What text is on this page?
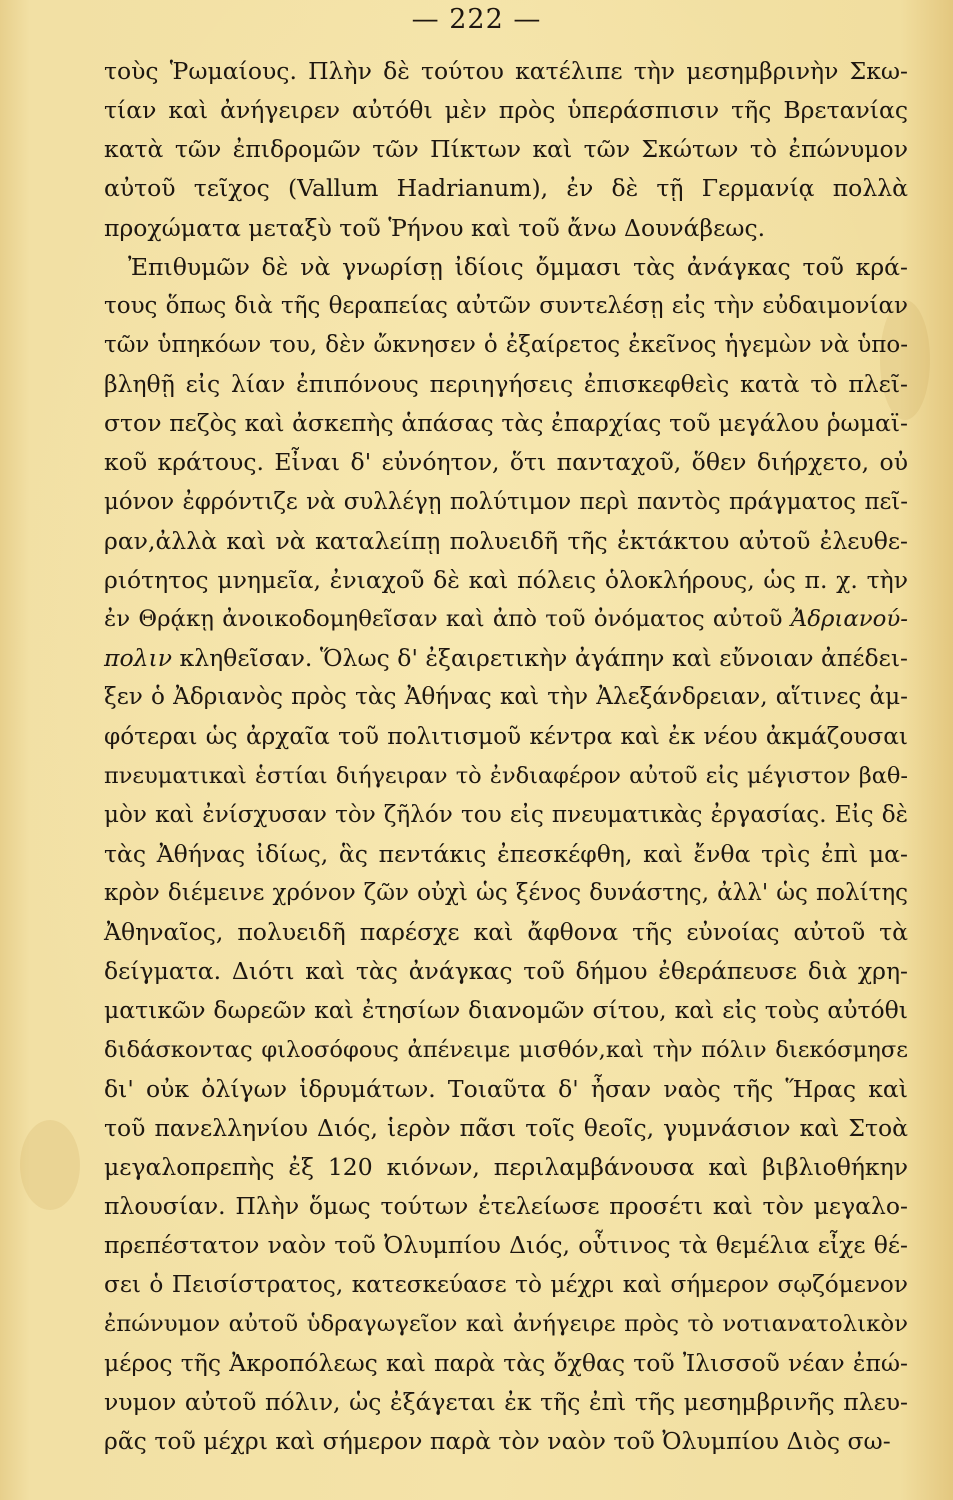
— 222 —
τοὺς Ῥωμαίους. Πλὴν δὲ τούτου κατέλιπε τὴν μεσημβρινὴν Σκω-
τίαν καὶ ἀνήγειρεν αὐτόθι μὲν πρὸς ὑπεράσπισιν τῆς Βρετανίας
κατὰ τῶν ἐπιδρομῶν τῶν Πίκτων καὶ τῶν Σκώτων τὸ ἐπώνυμον
αὐτοῦ τεῖχος (Vallum Hadrianum), ἐν δὲ τῇ Γερμανίᾳ πολλὰ
προχώματα μεταξὺ τοῦ Ῥήνου καὶ τοῦ ἄνω Δουνάβεως.
Ἐπιθυμῶν δὲ νὰ γνωρίσῃ ἰδίοις ὄμμασι τὰς ἀνάγκας τοῦ κρά-
τους ὅπως διὰ τῆς θεραπείας αὐτῶν συντελέσῃ εἰς τὴν εὐδαιμονίαν
τῶν ὑπηκόων του, δὲν ὤκνησεν ὁ ἐξαίρετος ἐκεῖνος ἡγεμὼν νὰ ὑπο-
βληθῇ εἰς λίαν ἐπιπόνους περιηγήσεις ἐπισκεφθεὶς κατὰ τὸ πλεῖ-
στον πεζὸς καὶ ἀσκεπὴς ἁπάσας τὰς ἐπαρχίας τοῦ μεγάλου ῥωμαϊ-
κοῦ κράτους. Εἶναι δ' εὐνόητον, ὅτι πανταχοῦ, ὅθεν διήρχετο, οὐ
μόνον ἐφρόντιζε νὰ συλλέγῃ πολύτιμον περὶ παντὸς πράγματος πεῖ-
ραν,ἀλλὰ καὶ νὰ καταλείπῃ πολυειδῆ τῆς ἐκτάκτου αὐτοῦ ἐλευθε-
ριότητος μνημεῖα, ἐνιαχοῦ δὲ καὶ πόλεις ὁλοκλήρους, ὡς π. χ. τὴν
ἐν Θρᾴκῃ ἀνοικοδομηθεῖσαν καὶ ἀπὸ τοῦ ὀνόματος αὐτοῦ Ἀδριανού-
πολιν κληθεῖσαν. Ὅλως δ' ἐξαιρετικὴν ἀγάπην καὶ εὔνοιαν ἀπέδει-
ξεν ὁ Ἀδριανὸς πρὸς τὰς Ἀθήνας καὶ τὴν Ἀλεξάνδρειαν, αἵτινες ἀμ-
φότεραι ὡς ἀρχαῖα τοῦ πολιτισμοῦ κέντρα καὶ ἐκ νέου ἀκμάζουσαι
πνευματικαὶ ἑστίαι διήγειραν τὸ ἐνδιαφέρον αὐτοῦ εἰς μέγιστον βαθ-
μὸν καὶ ἐνίσχυσαν τὸν ζῆλόν του εἰς πνευματικὰς ἐργασίας. Εἰς δὲ
τὰς Ἀθήνας ἰδίως, ἃς πεντάκις ἐπεσκέφθη, καὶ ἔνθα τρὶς ἐπὶ μα-
κρὸν διέμεινε χρόνον ζῶν οὐχὶ ὡς ξένος δυνάστης, ἀλλ' ὡς πολίτης
Ἀθηναῖος, πολυειδῆ παρέσχε καὶ ἄφθονα τῆς εὐνοίας αὐτοῦ τὰ
δείγματα. Διότι καὶ τὰς ἀνάγκας τοῦ δήμου ἐθεράπευσε διὰ χρη-
ματικῶν δωρεῶν καὶ ἐτησίων διανομῶν σίτου, καὶ εἰς τοὺς αὐτόθι
διδάσκοντας φιλοσόφους ἀπένειμε μισθόν,καὶ τὴν πόλιν διεκόσμησε
δι' οὐκ ὀλίγων ἱδρυμάτων. Τοιαῦτα δ' ἦσαν ναὸς τῆς Ἥρας καὶ
τοῦ πανελληνίου Διός, ἱερὸν πᾶσι τοῖς θεοῖς, γυμνάσιον καὶ Στοὰ
μεγαλοπρεπὴς ἐξ 120 κιόνων, περιλαμβάνουσα καὶ βιβλιοθήκην
πλουσίαν. Πλὴν ὅμως τούτων ἐτελείωσε προσέτι καὶ τὸν μεγαλο-
πρεπέστατον ναὸν τοῦ Ὀλυμπίου Διός, οὗτινος τὰ θεμέλια εἶχε θέ-
σει ὁ Πεισίστρατος, κατεσκεύασε τὸ μέχρι καὶ σήμερον σῳζόμενον
ἐπώνυμον αὐτοῦ ὑδραγωγεῖον καὶ ἀνήγειρε πρὸς τὸ νοτιανατολικὸν
μέρος τῆς Ἀκροπόλεως καὶ παρὰ τὰς ὄχθας τοῦ Ἰλισσοῦ νέαν ἐπώ-
νυμον αὐτοῦ πόλιν, ὡς ἐξάγεται ἐκ τῆς ἐπὶ τῆς μεσημβρινῆς πλευ-
ρᾶς τοῦ μέχρι καὶ σήμερον παρὰ τὸν ναὸν τοῦ Ὀλυμπίου Διὸς σω-
